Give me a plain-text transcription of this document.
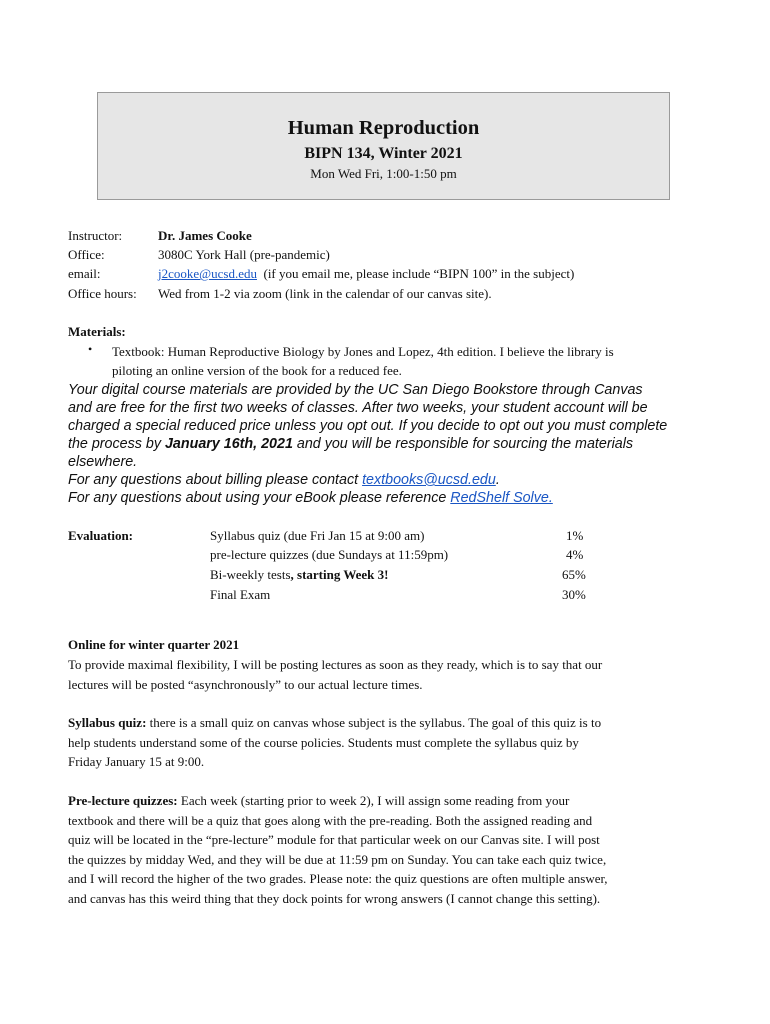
Human Reproduction
BIPN 134, Winter 2021
Mon Wed Fri, 1:00-1:50 pm
Instructor:	Dr. James Cooke
Office:	3080C York Hall (pre-pandemic)
email:	j2cooke@ucsd.edu (if you email me, please include “BIPN 100” in the subject)
Office hours: Wed from 1-2 via zoom (link in the calendar of our canvas site).
Materials:
• Textbook: Human Reproductive Biology by Jones and Lopez, 4th edition. I believe the library is
piloting an online version of the book for a reduced fee.
Your digital course materials are provided by the UC San Diego Bookstore through Canvas
and are free for the first two weeks of classes. After two weeks, your student account will be
charged a special reduced price unless you opt out. If you decide to opt out you must complete
the process by January 16th, 2021 and you will be responsible for sourcing the materials
elsewhere.
For any questions about billing please contact textbooks@ucsd.edu.
For any questions about using your eBook please reference RedShelf Solve.
Evaluation:	Syllabus quiz (due Fri Jan 15 at 9:00 am)	1%
pre-lecture quizzes (due Sundays at 11:59pm)	4%
Bi-weekly tests, starting Week 3!	65%
Final Exam	30%
Online for winter quarter 2021
To provide maximal flexibility, I will be posting lectures as soon as they ready, which is to say that our
lectures will be posted “asynchronously” to our actual lecture times.
Syllabus quiz: there is a small quiz on canvas whose subject is the syllabus. The goal of this quiz is to
help students understand some of the course policies. Students must complete the syllabus quiz by
Friday January 15 at 9:00.
Pre-lecture quizzes: Each week (starting prior to week 2), I will assign some reading from your
textbook and there will be a quiz that goes along with the pre-reading. Both the assigned reading and
quiz will be located in the “pre-lecture” module for that particular week on our Canvas site. I will post
the quizzes by midday Wed, and they will be due at 11:59 pm on Sunday. You can take each quiz twice,
and I will record the higher of the two grades. Please note: the quiz questions are often multiple answer,
and canvas has this weird thing that they dock points for wrong answers (I cannot change this setting).
